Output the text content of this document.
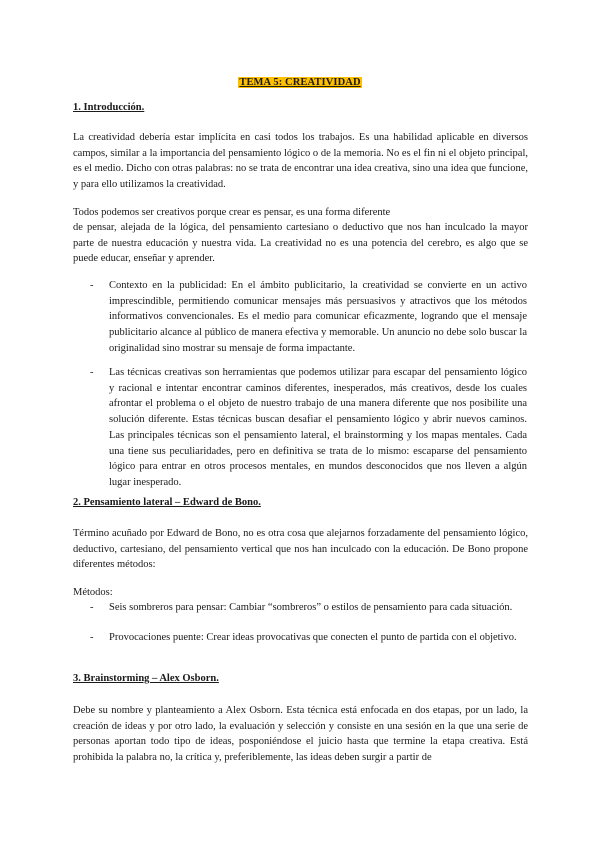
TEMA 5: CREATIVIDAD

1. Introducción.

La creatividad debería estar implícita en casi todos los trabajos. Es una habilidad aplicable en diversos campos, similar a la importancia del pensamiento lógico o de la memoria. No es el fin ni el objeto principal, es el medio. Dicho con otras palabras: no se trata de encontrar una idea creativa, sino una idea que funcione, y para ello utilizamos la creatividad.

Todos podemos ser creativos porque crear es pensar, es una forma diferente

de pensar, alejada de la lógica, del pensamiento cartesiano o deductivo que nos han inculcado la mayor parte de nuestra educación y nuestra vida. La creatividad no es una potencia del cerebro, es algo que se puede educar, enseñar y aprender.

- Contexto en la publicidad: En el ámbito publicitario, la creatividad se convierte en un activo imprescindible, permitiendo comunicar mensajes más persuasivos y atractivos que los métodos informativos convencionales. Es el medio para comunicar eficazmente, logrando que el mensaje publicitario alcance al público de manera efectiva y memorable. Un anuncio no debe solo buscar la originalidad sino mostrar su mensaje de forma impactante.

- Las técnicas creativas son herramientas que podemos utilizar para escapar del pensamiento lógico y racional e intentar encontrar caminos diferentes, inesperados, más creativos, desde los cuales afrontar el problema o el objeto de nuestro trabajo de una manera diferente que nos posibilite una solución diferente. Estas técnicas buscan desafiar el pensamiento lógico y abrir nuevos caminos. Las principales técnicas son el pensamiento lateral, el brainstorming y los mapas mentales. Cada una tiene sus peculiaridades, pero en definitiva se trata de lo mismo: escaparse del pensamiento lógico para entrar en otros procesos mentales, en mundos desconocidos que nos lleven a algún lugar inesperado.

2. Pensamiento lateral – Edward de Bono.

Término acuñado por Edward de Bono, no es otra cosa que alejarnos forzadamente del pensamiento lógico, deductivo, cartesiano, del pensamiento vertical que nos han inculcado con la educación. De Bono propone diferentes métodos:

Métodos:

- Seis sombreros para pensar: Cambiar “sombreros” o estilos de pensamiento para cada situación.

- Provocaciones puente: Crear ideas provocativas que conecten el punto de partida con el objetivo.

3. Brainstorming – Alex Osborn.

Debe su nombre y planteamiento a Alex Osborn. Esta técnica está enfocada en dos etapas, por un lado, la creación de ideas y por otro lado, la evaluación y selección y consiste en una sesión en la que una serie de personas aportan todo tipo de ideas, posponiéndose el juicio hasta que termine la etapa creativa. Está prohibida la palabra no, la crítica y, preferiblemente, las ideas deben surgir a partir de
